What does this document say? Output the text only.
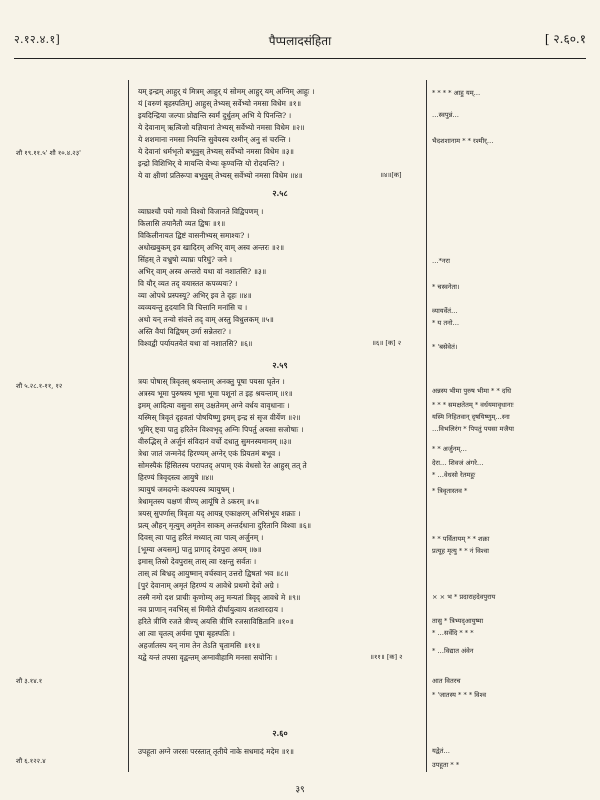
२.१२.४.१]	पैप्पलादसंहिता	[ २.६०.१
शौ १९.११.५' शौ १०.४.२३'
शौ ५.२८.१-११, १२
शौ ३.१४.१
शौ ६.१२२.४
यम् इन्द्रम् आहुर् यं मित्रम् आहुर् यं सोमम् आहुर् यम् अग्निम् आहुः ।
यं [वरुणं बृहस्पतिम्] आहुस् तेभ्यस् सर्वेभ्यो नमसा विधेम ॥१॥
इयदिन्द्रिया जल्पाः प्रोद्यन्ति स्वर्मं दुर्धुतम् अभि ये पिनन्ति? ।
ये देवानाम् ऋत्विजो यज्ञियानां तेभ्यस् सर्वेभ्यो नमसा विधेम ॥२॥
ये शशमाना नमसा नियन्ति सुवेयस्य रश्मीन् अनु सं चरन्ति ।
ये देवानां धर्मभृतो बभूवुस् तेभ्यस् सर्वेभ्यो नमसा विधेम ॥३॥
इन्द्रो विशिभिर् ये मायन्ति येभ्यः कृण्वन्ति यो रोदयन्ति? ।
ये वा क्षीणां प्रतिरूपा बभूवुस् तेभ्यस् सर्वेभ्यो नमसा विधेम ॥४॥
२.५८
व्याघ्रश्चौ पयो गावो विश्वो विजानते विद्विपणम् ।
किलासि तयानैतौ व्यत द्विषः ॥१॥
विकिलीनायत द्विष्टं वासनीभ्यस् समाश्यः? ।
अधोखबुकम् इव खादिरम् अभिर् वाम् अस्व अन्तरः ॥२॥
सिंहस् ते वभ्रुषो व्याघ्रः परिघुं? जने ।
अभिर् वाम् अस्व अन्तरो यथा वां नशातसि? ॥३॥
वि यौर् व्यत तद् वयास्तत कपव्ययः? ।
व्या ओपधे प्रस्पस्यू? अभिर् इव ते दृहः ॥४॥
व्यव्ययन्तु हृदयानि वि चित्तानि मनांसि च ।
अथो यन् तन्वो संवत्ते तद् वाम् अस्तु विधुलकम् ॥५॥
अस्ति वैयां विद्विषम् उर्मा सन्नेतरा? ।
विश्वद्वी पर्यायतयेतं यथा वां नशातसि? ॥६॥
२.५९
त्रयः पोषास् त्रिवृतस् श्रयन्ताम् अनक्तु पूषा पयसा घृतेन ।
अत्रस्य भूमा पुरुषस्य भूमा भूमा पशूनां त इह श्रयन्ताम् ॥१॥
इमम् आदित्या वसुना सम् उक्षतेमम् अग्ने वर्धय वावृधानाः ।
यस्मिस् त्रिवृतं दृहवतां पोषयिष्णु इमम् इन्द्र सं सृज वीर्येण ॥२॥
भूमिर् ष्ट्वा पातु हरितेन विश्वभृद् अग्निः पिपर्तु अयसा सजोषाः ।
वीरुद्भिस् ते अर्जुनं संविदानं वर्चो दधातु सुमनस्यमानम् ॥३॥
त्रेधा जातं जन्मनेदं हिरण्यम् अग्नेर् एकं प्रियतमं बभूव ।
सोमस्यैकं हिंसितस्य परापतद् अपाम् एकं वेधसो रेत आहुस् तत् ते
हिरण्यं त्रिवृदस्त्व आयुषे ॥४॥
त्र्यायुषं जमदग्नेः कश्यपस्य त्र्यायुषम् ।
त्रेधामृतस्य चक्षणं त्रीण्य् आयूंषि ते ऽकरम् ॥५॥
त्रयस् सुपर्णास् त्रिवृता यद् आयन्न् एकाक्षरम् अभिसंभूय शक्राः ।
प्रत्य् औहन् मृत्युम् अमृतेन साकम् अन्तर्दधाना दुरितानि विश्वा ॥६॥
दिवस् त्वा पातु हरितं मध्यात् त्वा पात्व् अर्जुनम् ।
[भूम्या अयसम्] पातु प्रागाद् देवपुरा अयम् ॥७॥
इमास् तिस्रो देवपुरास् तास् त्वा रक्षन्तु सर्वतः ।
तास् त्वं बिभ्रद् आयुष्मान् वर्चस्वान् उत्तरो द्विषतां भव ॥८॥
[पुरं देवानाम् अमृतं हिरण्यं य आवेधे प्रथमो देवो अग्रे ।
तस्मै नमो दश प्राचीः कृणोम्य् अनु मन्यतां त्रिवृद् आवधे मे ॥९॥
नव प्राणान् नवभिस् सं मिमीते दीर्घायुत्वाय शतशारदाय ।
हरिते त्रीणि रजते त्रीण्य् अयसि त्रीणि रजसाविष्ठितानि ॥१०॥
आ त्वा चृतत्व् अर्यमा पूषा बृहस्पतिः ।
अहर्जातस्य यन् नाम तेन तेऽति चृतामसि ॥११॥
यद्वे यन्तं तपसा वृद्वन्तम् अग्नावीहामि मनसा सयोनिः ।
२.६०
उपहूता अग्ने जरसः परस्तात् तृतीये नाके सधमादं मदेम ॥१॥
॥४॥[क]
॥६॥ [क] २
॥११॥ [क] २
* * * * आहु यम्…
…स्वपुन्नं…
भैदशशानाम * * रश्मीर्…
…*नरा
* चस्वनेता।
व्यायर्वेतं…
* य तनो…
* 'बसेवेतं।
अन्नस्य भीमा पुरुष भीमा * * दधि
* * * समक्षतेतम् * वर्धयमावृधानाः
यस्मि निहितवान् दृषयिष्णुम्…स्ना
…विभलिरंग * पिपतुं पयसा मजैया
* * अर्जुनम्…
देरा… शिवजं अंगरे…
* …वेधसो रेतमहुः
* त्रिवृतास्तव *
* * पर्वितायम् * * शक्रा
प्रत्यूह मृत्यु * * नं विश्वा
× × भ * प्रदाराहदेवपुराय
तासु * त्रिभ्यद्आयुष्मा
* …सर्वेदि * * *
* …विद्यात अंवेन
आत वितरच
* 'जातस्य * * * विश्व
यद्वेतं…
उपहूता * *
३९
